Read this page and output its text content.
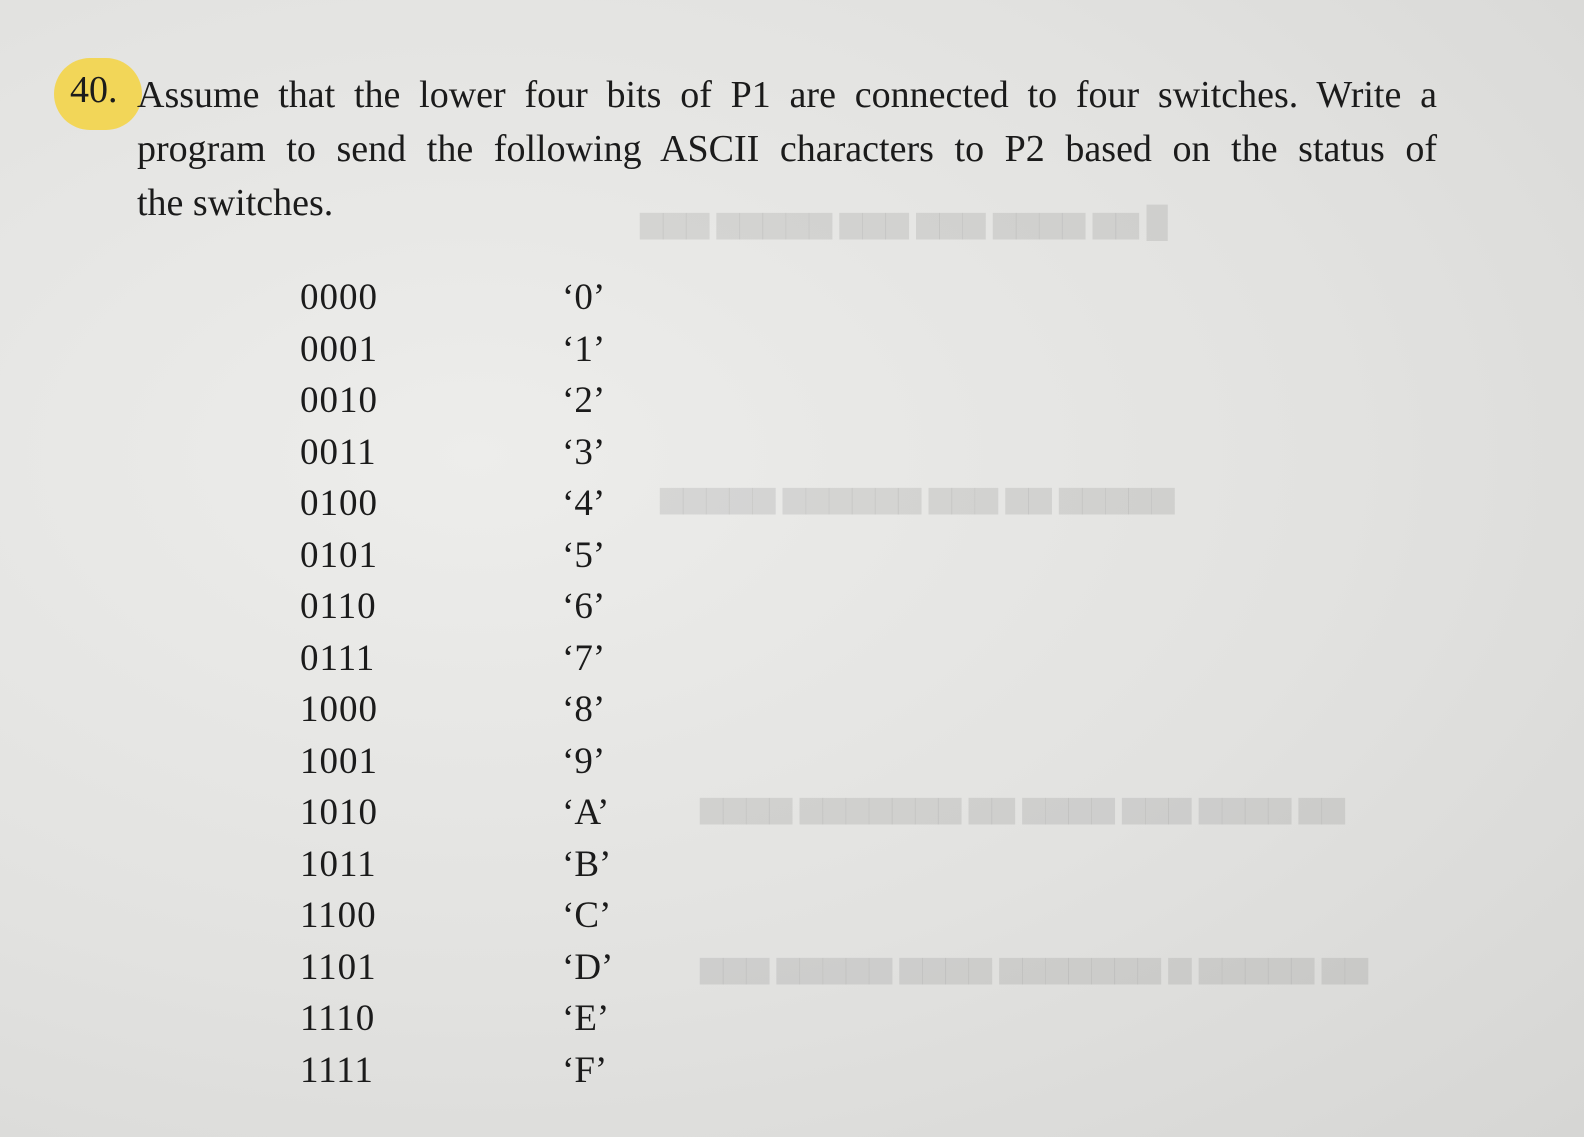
█ ▆▆ ▆▆▆▆ ▆▆▆ ▆▆▆ ▆▆▆▆▆ ▆▆▆
▆▆▆▆▆ ▆▆ ▆▆▆ ▆▆▆▆▆▆ ▆▆▆▆▆
▆▆ ▆▆▆▆ ▆▆▆ ▆▆▆▆ ▆▆ ▆▆▆▆▆▆▆ ▆▆▆▆
▆▆ ▆▆▆▆▆ ▆ ▆▆▆▆▆▆▆ ▆▆▆▆ ▆▆▆▆▆ ▆▆▆
40. Assume that the lower four bits of P1 are connected to four switches. Write a
program to send the following ASCII characters to P2 based on the status of
the switches.
0000	‘0’
0001	‘1’
0010	‘2’
0011	‘3’
0100	‘4’
0101	‘5’
0110	‘6’
0111	‘7’
1000	‘8’
1001	‘9’
1010	‘A’
1011	‘B’
1100	‘C’
1101	‘D’
1110	‘E’
1111	‘F’
